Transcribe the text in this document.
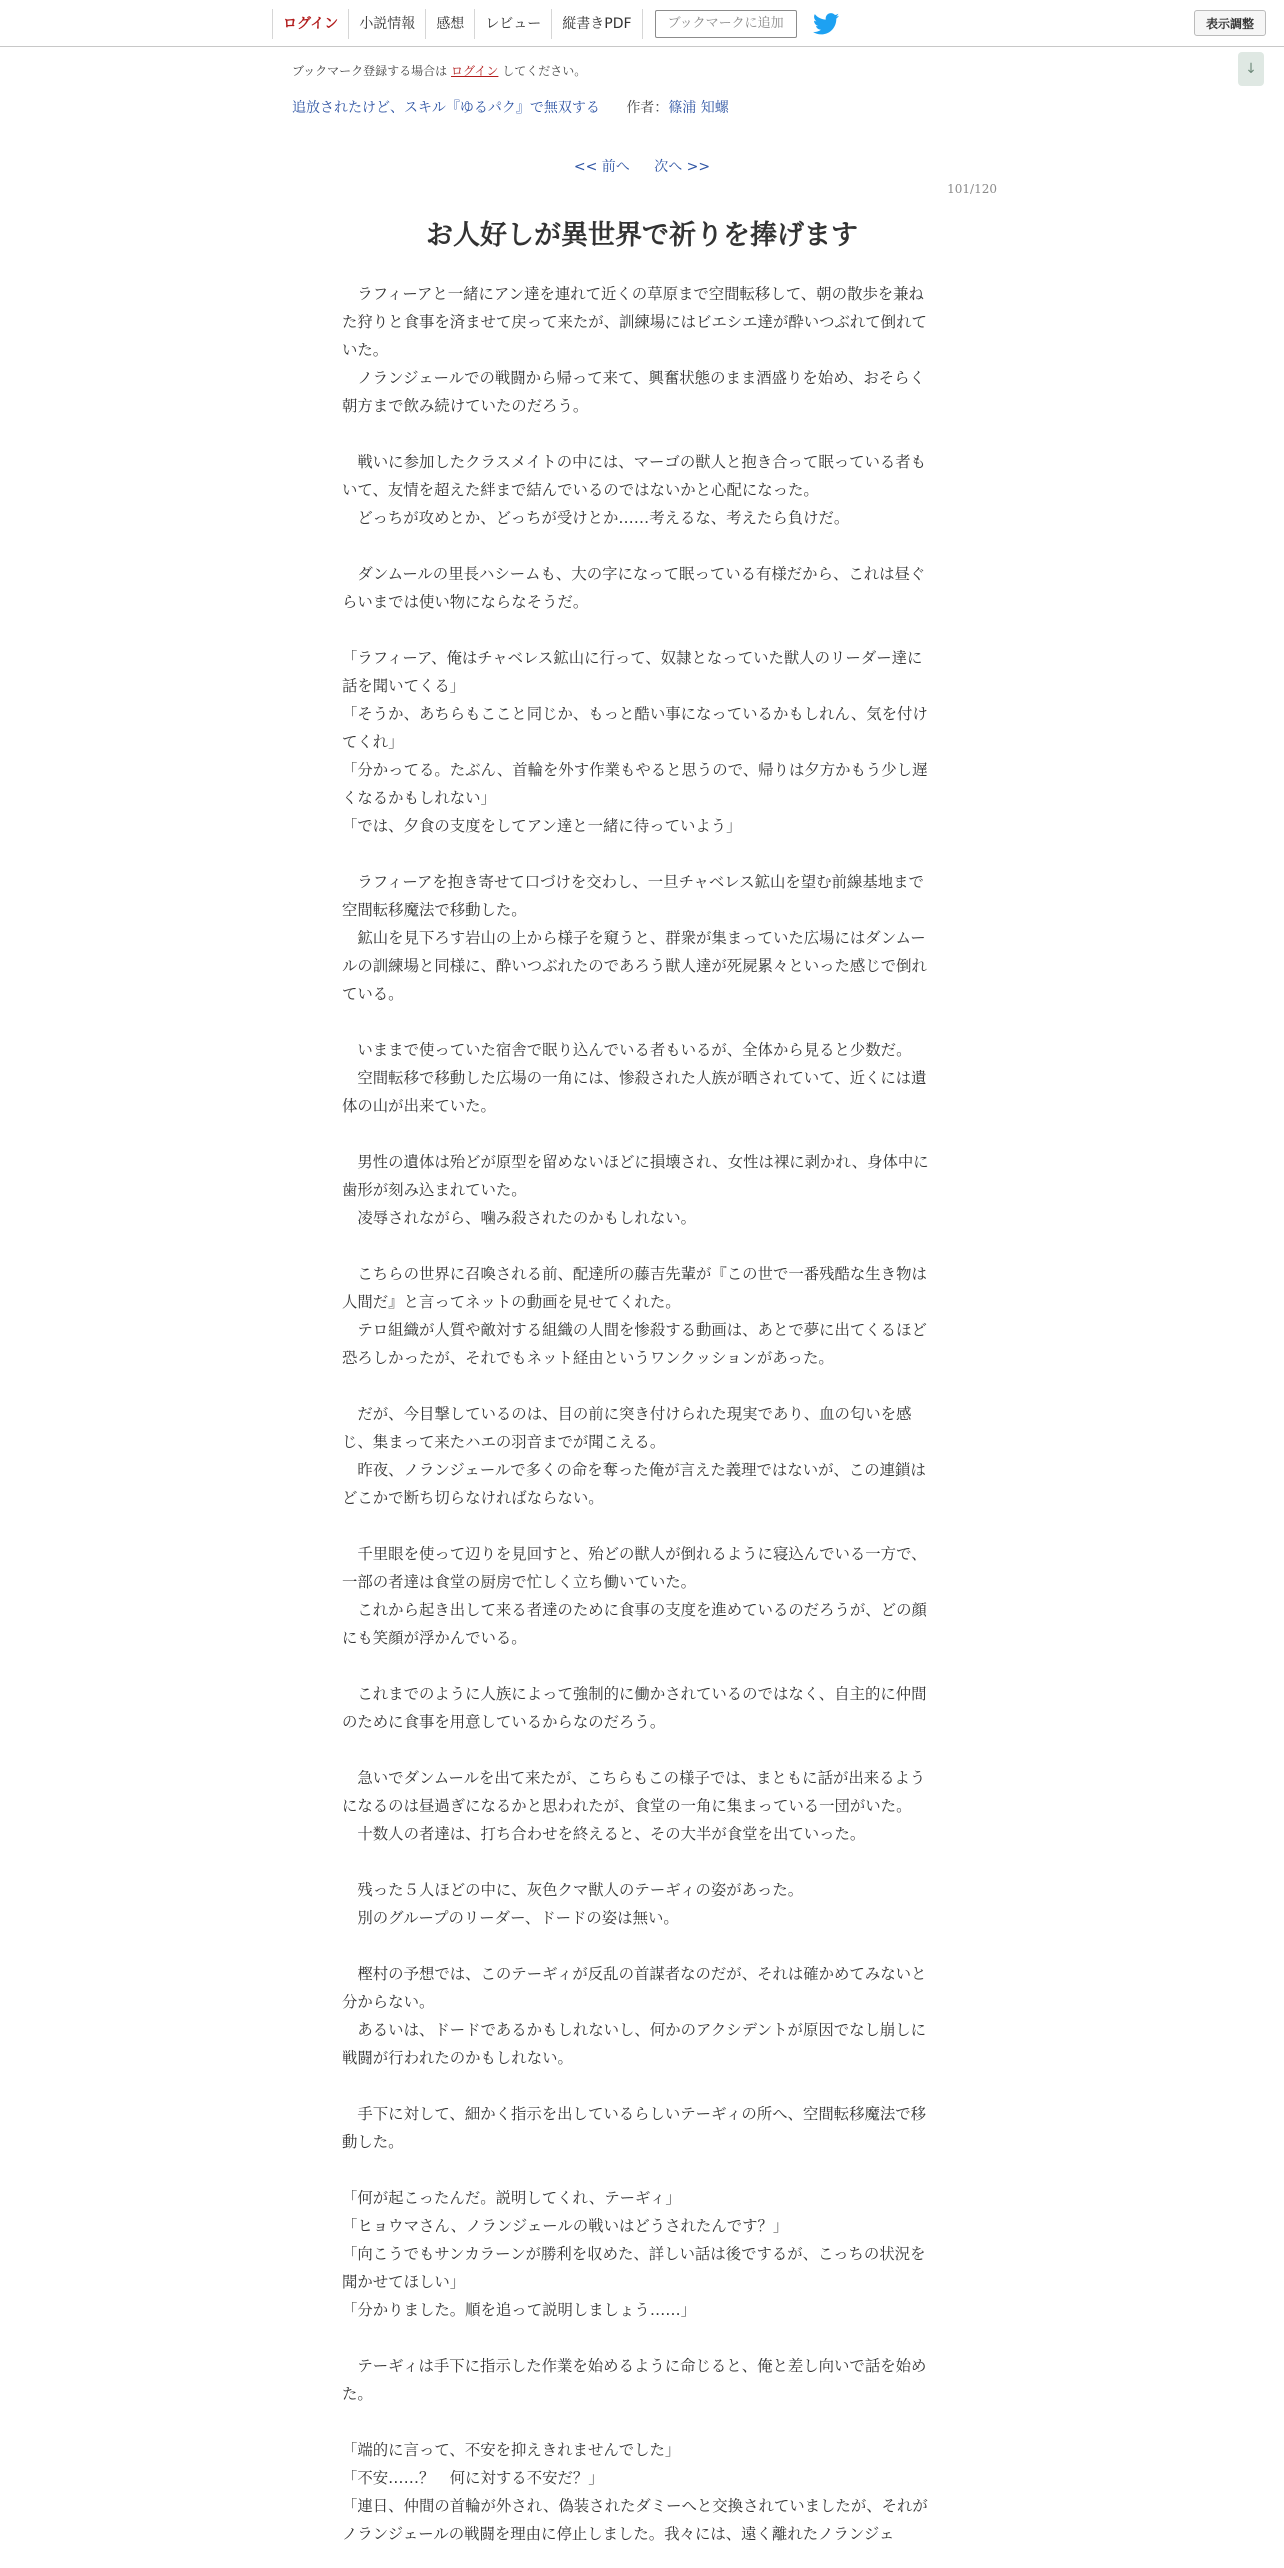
ログイン	小説情報	感想	レビュー	縦書きPDF	ブックマークに追加	表示調整
↓
ブックマーク登録する場合は ログイン してください。
追放されたけど、スキル『ゆるパク』で無双する 作者：篠浦 知螺
<< 前へ 次へ >>
101/120
お人好しが異世界で祈りを捧げます

　ラフィーアと一緒にアン達を連れて近くの草原まで空間転移して、朝の散歩を兼ねた狩りと食事を済ませて戻って来たが、訓練場にはビエシエ達が酔いつぶれて倒れていた。

　ノランジェールでの戦闘から帰って来て、興奮状態のまま酒盛りを始め、おそらく朝方まで飲み続けていたのだろう。

　戦いに参加したクラスメイトの中には、マーゴの獣人と抱き合って眠っている者もいて、友情を超えた絆まで結んでいるのではないかと心配になった。

　どっちが攻めとか、どっちが受けとか……考えるな、考えたら負けだ。

　ダンムールの里長ハシームも、大の字になって眠っている有様だから、これは昼ぐらいまでは使い物にならなそうだ。

「ラフィーア、俺はチャベレス鉱山に行って、奴隷となっていた獣人のリーダー達に話を聞いてくる」

「そうか、あちらもここと同じか、もっと酷い事になっているかもしれん、気を付けてくれ」

「分かってる。たぶん、首輪を外す作業もやると思うので、帰りは夕方かもう少し遅くなるかもしれない」

「では、夕食の支度をしてアン達と一緒に待っていよう」

　ラフィーアを抱き寄せて口づけを交わし、一旦チャベレス鉱山を望む前線基地まで空間転移魔法で移動した。

　鉱山を見下ろす岩山の上から様子を窺うと、群衆が集まっていた広場にはダンムールの訓練場と同様に、酔いつぶれたのであろう獣人達が死屍累々といった感じで倒れている。

　いままで使っていた宿舎で眠り込んでいる者もいるが、全体から見ると少数だ。

　空間転移で移動した広場の一角には、惨殺された人族が晒されていて、近くには遺体の山が出来ていた。

　男性の遺体は殆どが原型を留めないほどに損壊され、女性は裸に剥かれ、身体中に歯形が刻み込まれていた。

　凌辱されながら、噛み殺されたのかもしれない。

　こちらの世界に召喚される前、配達所の藤吉先輩が『この世で一番残酷な生き物は人間だ』と言ってネットの動画を見せてくれた。

　テロ組織が人質や敵対する組織の人間を惨殺する動画は、あとで夢に出てくるほど恐ろしかったが、それでもネット経由というワンクッションがあった。

　だが、今目撃しているのは、目の前に突き付けられた現実であり、血の匂いを感じ、集まって来たハエの羽音までが聞こえる。

　昨夜、ノランジェールで多くの命を奪った俺が言えた義理ではないが、この連鎖はどこかで断ち切らなければならない。

　千里眼を使って辺りを見回すと、殆どの獣人が倒れるように寝込んでいる一方で、一部の者達は食堂の厨房で忙しく立ち働いていた。

　これから起き出して来る者達のために食事の支度を進めているのだろうが、どの顔にも笑顔が浮かんでいる。

　これまでのように人族によって強制的に働かされているのではなく、自主的に仲間のために食事を用意しているからなのだろう。

　急いでダンムールを出て来たが、こちらもこの様子では、まともに話が出来るようになるのは昼過ぎになるかと思われたが、食堂の一角に集まっている一団がいた。

　十数人の者達は、打ち合わせを終えると、その大半が食堂を出ていった。

　残った５人ほどの中に、灰色クマ獣人のテーギィの姿があった。

　別のグループのリーダー、ドードの姿は無い。

　樫村の予想では、このテーギィが反乱の首謀者なのだが、それは確かめてみないと分からない。

　あるいは、ドードであるかもしれないし、何かのアクシデントが原因でなし崩しに戦闘が行われたのかもしれない。

　手下に対して、細かく指示を出しているらしいテーギィの所へ、空間転移魔法で移動した。

「何が起こったんだ。説明してくれ、テーギィ」

「ヒョウマさん、ノランジェールの戦いはどうされたんです？」

「向こうでもサンカラーンが勝利を収めた、詳しい話は後でするが、こっちの状況を聞かせてほしい」

「分かりました。順を追って説明しましょう……」

　テーギィは手下に指示した作業を始めるように命じると、俺と差し向いで話を始めた。

「端的に言って、不安を抑えきれませんでした」

「不安……？　何に対する不安だ？」

「連日、仲間の首輪が外され、偽装されたダミーへと交換されていましたが、それがノランジェールの戦闘を理由に停止しました。我々には、遠く離れたノランジェ
